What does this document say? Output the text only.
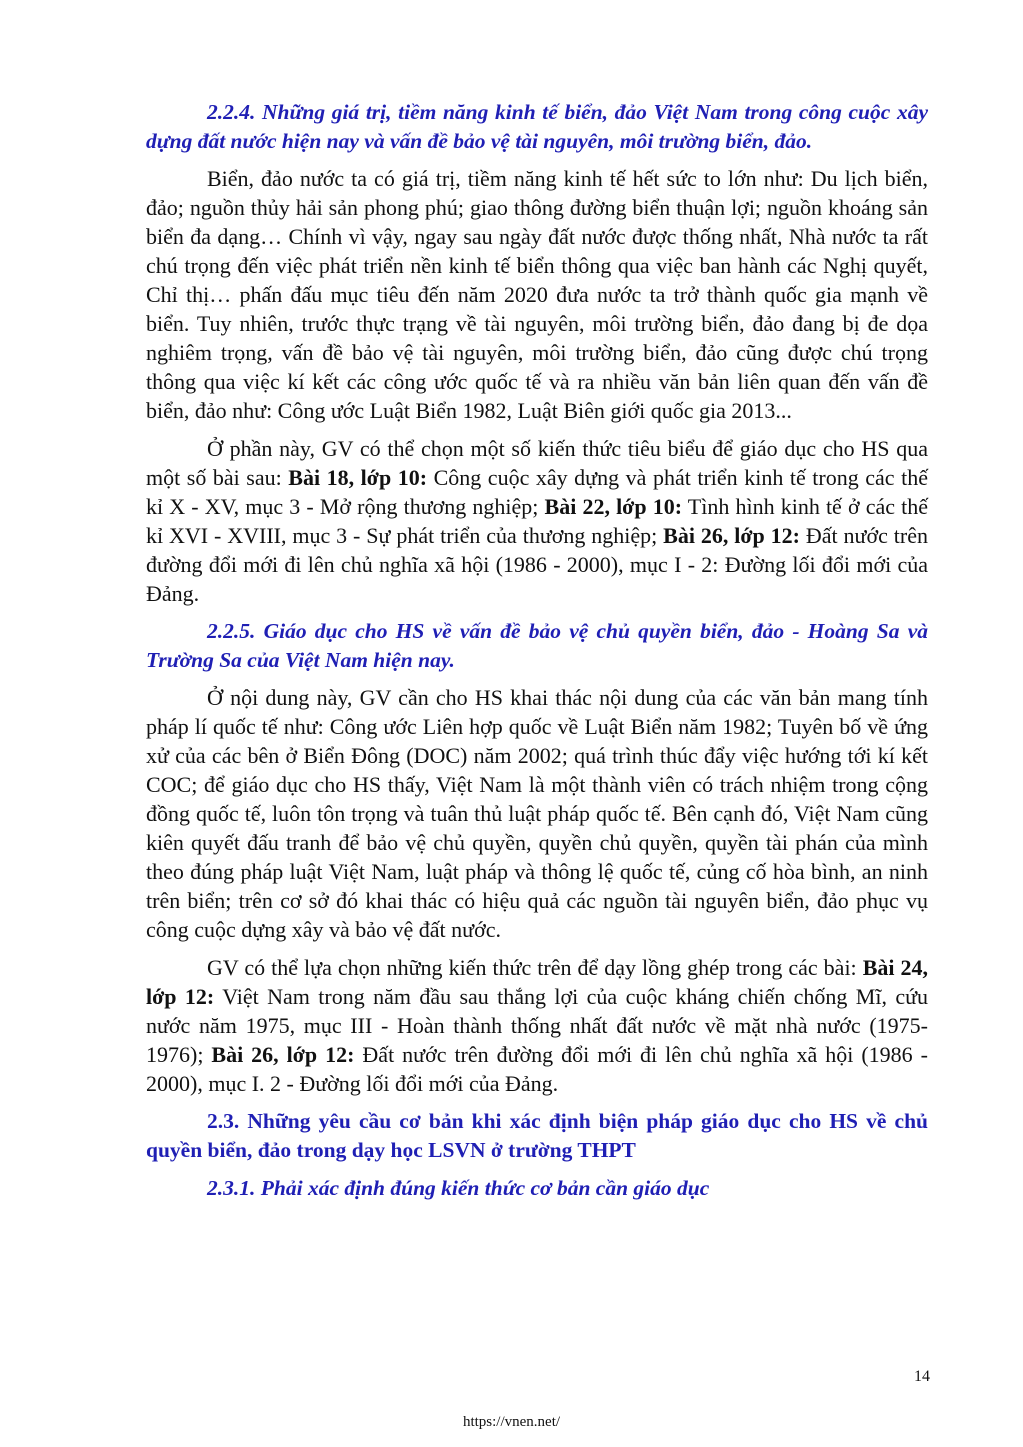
2.2.4. Những giá trị, tiềm năng kinh tế biển, đảo Việt Nam trong công cuộc xây dựng đất nước hiện nay và vấn đề bảo vệ tài nguyên, môi trường biển, đảo.

Biển, đảo nước ta có giá trị, tiềm năng kinh tế hết sức to lớn như: Du lịch biển, đảo; nguồn thủy hải sản phong phú; giao thông đường biển thuận lợi; nguồn khoáng sản biển đa dạng… Chính vì vậy, ngay sau ngày đất nước được thống nhất, Nhà nước ta rất chú trọng đến việc phát triển nền kinh tế biển thông qua việc ban hành các Nghị quyết, Chỉ thị… phấn đấu mục tiêu đến năm 2020 đưa nước ta trở thành quốc gia mạnh về biển. Tuy nhiên, trước thực trạng về tài nguyên, môi trường biển, đảo đang bị đe dọa nghiêm trọng, vấn đề bảo vệ tài nguyên, môi trường biển, đảo cũng được chú trọng thông qua việc kí kết các công ước quốc tế và ra nhiều văn bản liên quan đến vấn đề biển, đảo như: Công ước Luật Biển 1982, Luật Biên giới quốc gia 2013...

Ở phần này, GV có thể chọn một số kiến thức tiêu biểu để giáo dục cho HS qua một số bài sau: Bài 18, lớp 10: Công cuộc xây dựng và phát triển kinh tế trong các thế kỉ X - XV, mục 3 - Mở rộng thương nghiệp; Bài 22, lớp 10: Tình hình kinh tế ở các thế kỉ XVI - XVIII, mục 3 - Sự phát triển của thương nghiệp; Bài 26, lớp 12: Đất nước trên đường đổi mới đi lên chủ nghĩa xã hội (1986 - 2000), mục I - 2: Đường lối đổi mới của Đảng.

2.2.5. Giáo dục cho HS về vấn đề bảo vệ chủ quyền biển, đảo - Hoàng Sa và Trường Sa của Việt Nam hiện nay.

Ở nội dung này, GV cần cho HS khai thác nội dung của các văn bản mang tính pháp lí quốc tế như: Công ước Liên hợp quốc về Luật Biển năm 1982; Tuyên bố về ứng xử của các bên ở Biển Đông (DOC) năm 2002; quá trình thúc đẩy việc hướng tới kí kết COC; để giáo dục cho HS thấy, Việt Nam là một thành viên có trách nhiệm trong cộng đồng quốc tế, luôn tôn trọng và tuân thủ luật pháp quốc tế. Bên cạnh đó, Việt Nam cũng kiên quyết đấu tranh để bảo vệ chủ quyền, quyền chủ quyền, quyền tài phán của mình theo đúng pháp luật Việt Nam, luật pháp và thông lệ quốc tế, củng cố hòa bình, an ninh trên biển; trên cơ sở đó khai thác có hiệu quả các nguồn tài nguyên biển, đảo phục vụ công cuộc dựng xây và bảo vệ đất nước.

GV có thể lựa chọn những kiến thức trên để dạy lồng ghép trong các bài: Bài 24, lớp 12: Việt Nam trong năm đầu sau thắng lợi của cuộc kháng chiến chống Mĩ, cứu nước năm 1975, mục III - Hoàn thành thống nhất đất nước về mặt nhà nước (1975-1976); Bài 26, lớp 12: Đất nước trên đường đổi mới đi lên chủ nghĩa xã hội (1986 - 2000), mục I. 2 - Đường lối đổi mới của Đảng.

2.3. Những yêu cầu cơ bản khi xác định biện pháp giáo dục cho HS về chủ quyền biển, đảo trong dạy học LSVN ở trường THPT

2.3.1. Phải xác định đúng kiến thức cơ bản cần giáo dục

14
https://vnen.net/
